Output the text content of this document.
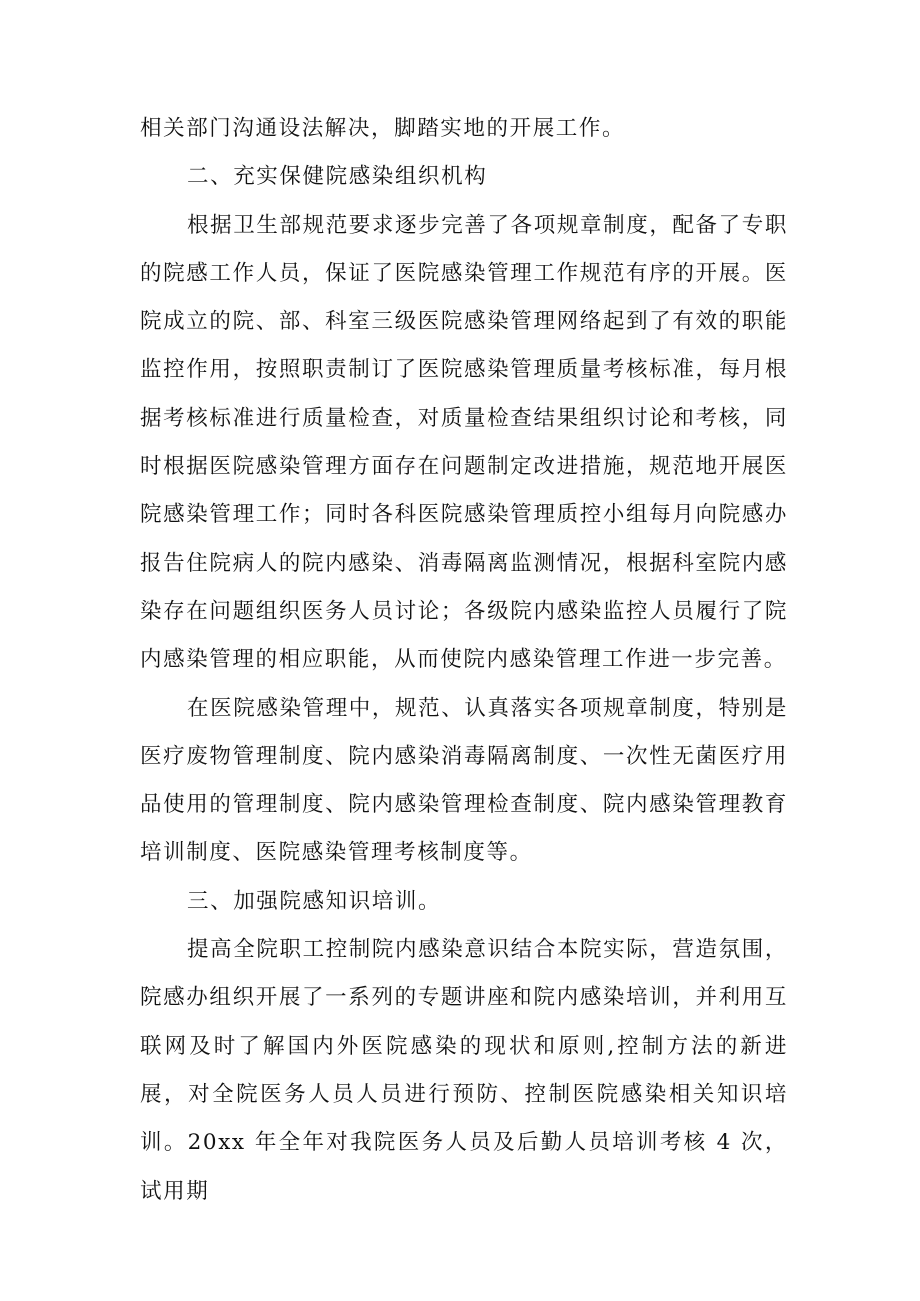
相关部门沟通设法解决，脚踏实地的开展工作。

二、充实保健院感染组织机构

根据卫生部规范要求逐步完善了各项规章制度，配备了专职的院感工作人员，保证了医院感染管理工作规范有序的开展。医院成立的院、部、科室三级医院感染管理网络起到了有效的职能监控作用，按照职责制订了医院感染管理质量考核标准，每月根据考核标准进行质量检查，对质量检查结果组织讨论和考核，同时根据医院感染管理方面存在问题制定改进措施，规范地开展医院感染管理工作；同时各科医院感染管理质控小组每月向院感办报告住院病人的院内感染、消毒隔离监测情况，根据科室院内感染存在问题组织医务人员讨论；各级院内感染监控人员履行了院内感染管理的相应职能，从而使院内感染管理工作进一步完善。

在医院感染管理中，规范、认真落实各项规章制度，特别是医疗废物管理制度、院内感染消毒隔离制度、一次性无菌医疗用品使用的管理制度、院内感染管理检查制度、院内感染管理教育培训制度、医院感染管理考核制度等。

三、加强院感知识培训。

提高全院职工控制院内感染意识结合本院实际，营造氛围，院感办组织开展了一系列的专题讲座和院内感染培训，并利用互联网及时了解国内外医院感染的现状和原则,控制方法的新进展，对全院医务人员人员进行预防、控制医院感染相关知识培训。20xx 年全年对我院医务人员及后勤人员培训考核 4 次，试用期
